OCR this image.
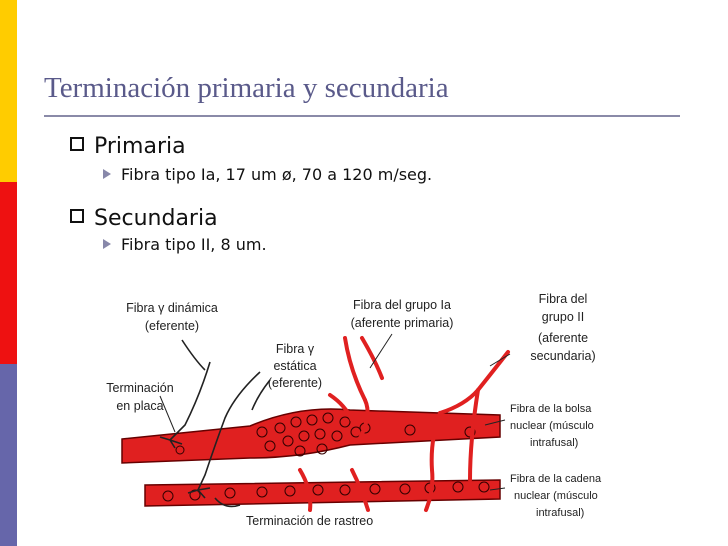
Terminación primaria y secundaria
Primaria
Fibra tipo Ia, 17 um ø, 70 a 120 m/seg.
Secundaria
Fibra tipo II, 8 um.
Fibra γ dinámica
(eferente)
Fibra γ
estática
(eferente)
Terminación
en placa
Fibra del grupo Ia
(aferente primaria)
Fibra del
grupo II
(aferente
secundaria)
Fibra de la bolsa
nuclear (músculo
intrafusal)
Fibra de la cadena
nuclear (músculo
intrafusal)
Terminación de rastreo
